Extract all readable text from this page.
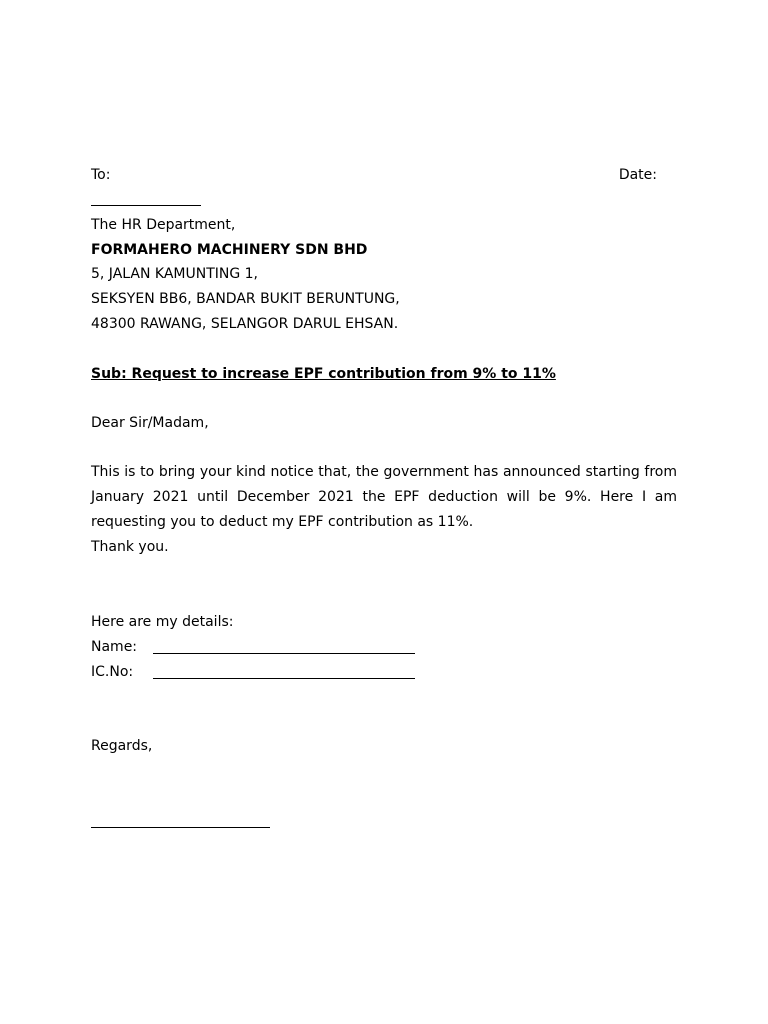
To:	Date:
The HR Department,
FORMAHERO MACHINERY SDN BHD
5, JALAN KAMUNTING 1,
SEKSYEN BB6, BANDAR BUKIT BERUNTUNG,
48300 RAWANG, SELANGOR DARUL EHSAN.
Sub: Request to increase EPF contribution from 9% to 11%
Dear Sir/Madam,
This is to bring your kind notice that, the government has announced starting from January 2021 until December 2021 the EPF deduction will be 9%. Here I am requesting you to deduct my EPF contribution as 11%.
Thank you.
Here are my details:
Name:
IC.No:
Regards,
